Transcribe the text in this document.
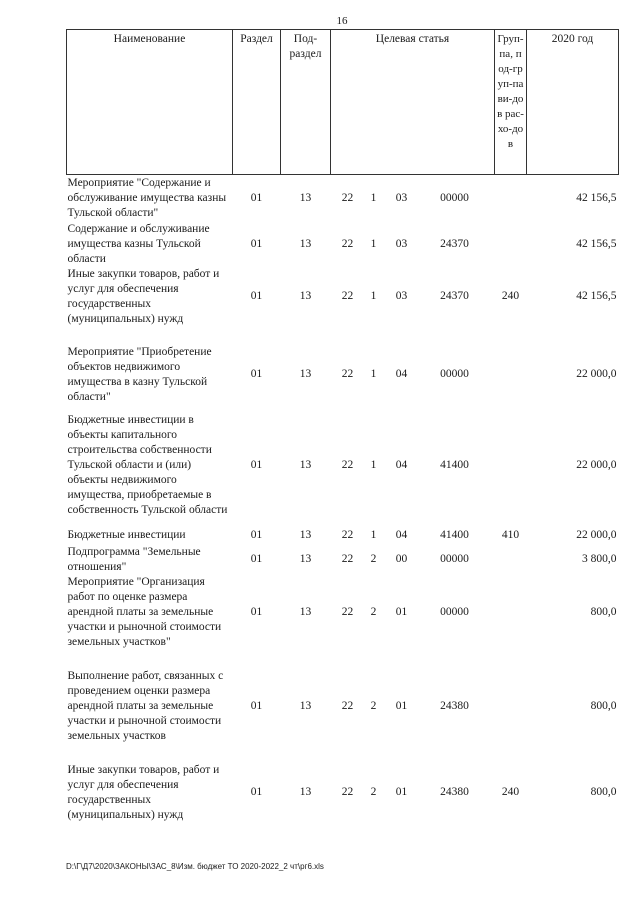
16
Наименование	Раздел	Под-раздел	Целевая статья	Груп-па, под-груп-па ви-дов рас-хо-дов	2020 год
Мероприятие "Содержание и обслуживание имущества казны Тульской области"	01	13	22 1 03 00000		42 156,5
Содержание и обслуживание имущества казны Тульской области	01	13	22 1 03 24370		42 156,5
Иные закупки товаров, работ и услуг для обеспечения государственных (муниципальных) нужд	01	13	22 1 03 24370	240	42 156,5

Мероприятие "Приобретение объектов недвижимого имущества в казну Тульской области"	01	13	22 1 04 00000		22 000,0
Бюджетные инвестиции в объекты капитального строительства собственности Тульской области и (или) объекты недвижимого имущества, приобретаемые в собственность Тульской области	01	13	22 1 04 41400		22 000,0
Бюджетные инвестиции	01	13	22 1 04 41400	410	22 000,0
Подпрограмма "Земельные отношения"	01	13	22 2 00 00000		3 800,0
Мероприятие "Организация работ по оценке размера арендной платы за земельные участки и рыночной стоимости земельных участков"	01	13	22 2 01 00000		800,0

Выполнение работ, связанных с проведением оценки размера арендной платы за земельные участки и рыночной стоимости земельных участков	01	13	22 2 01 24380		800,0

Иные закупки товаров, работ и услуг для обеспечения государственных (муниципальных) нужд	01	13	22 2 01 24380	240	800,0
D:\Г\Д7\2020\ЗАКОНЫ\ЗАС_8\Изм. бюджет ТО 2020-2022_2 чт\рг6.xls
